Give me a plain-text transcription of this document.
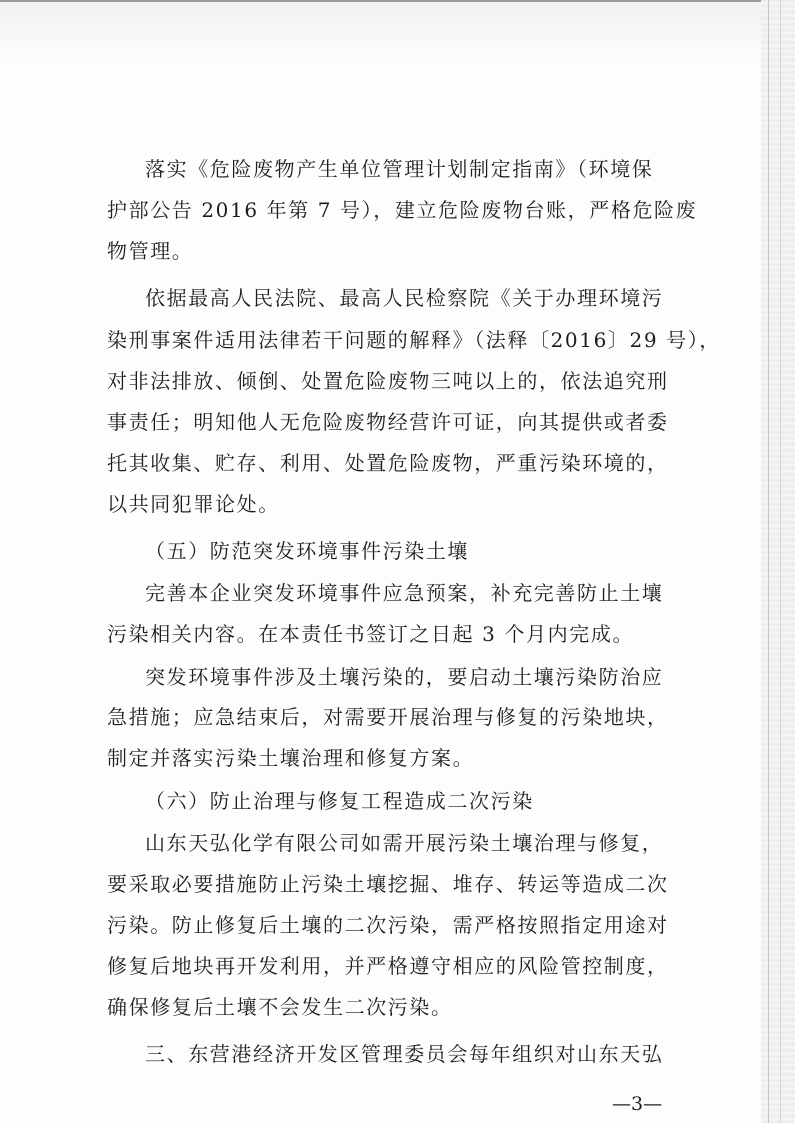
落实《危险废物产生单位管理计划制定指南》（环境保
护部公告 2016 年第 7 号），建立危险废物台账，严格危险废
物管理。
依据最高人民法院、最高人民检察院《关于办理环境污
染刑事案件适用法律若干问题的解释》（法释〔2016〕29 号），
对非法排放、倾倒、处置危险废物三吨以上的，依法追究刑
事责任；明知他人无危险废物经营许可证，向其提供或者委
托其收集、贮存、利用、处置危险废物，严重污染环境的，
以共同犯罪论处。
（五）防范突发环境事件污染土壤
完善本企业突发环境事件应急预案，补充完善防止土壤
污染相关内容。在本责任书签订之日起 3 个月内完成。
突发环境事件涉及土壤污染的，要启动土壤污染防治应
急措施；应急结束后，对需要开展治理与修复的污染地块，
制定并落实污染土壤治理和修复方案。
（六）防止治理与修复工程造成二次污染
山东天弘化学有限公司如需开展污染土壤治理与修复，
要采取必要措施防止污染土壤挖掘、堆存、转运等造成二次
污染。防止修复后土壤的二次污染，需严格按照指定用途对
修复后地块再开发利用，并严格遵守相应的风险管控制度，
确保修复后土壤不会发生二次污染。
三、东营港经济开发区管理委员会每年组织对山东天弘
—3—
